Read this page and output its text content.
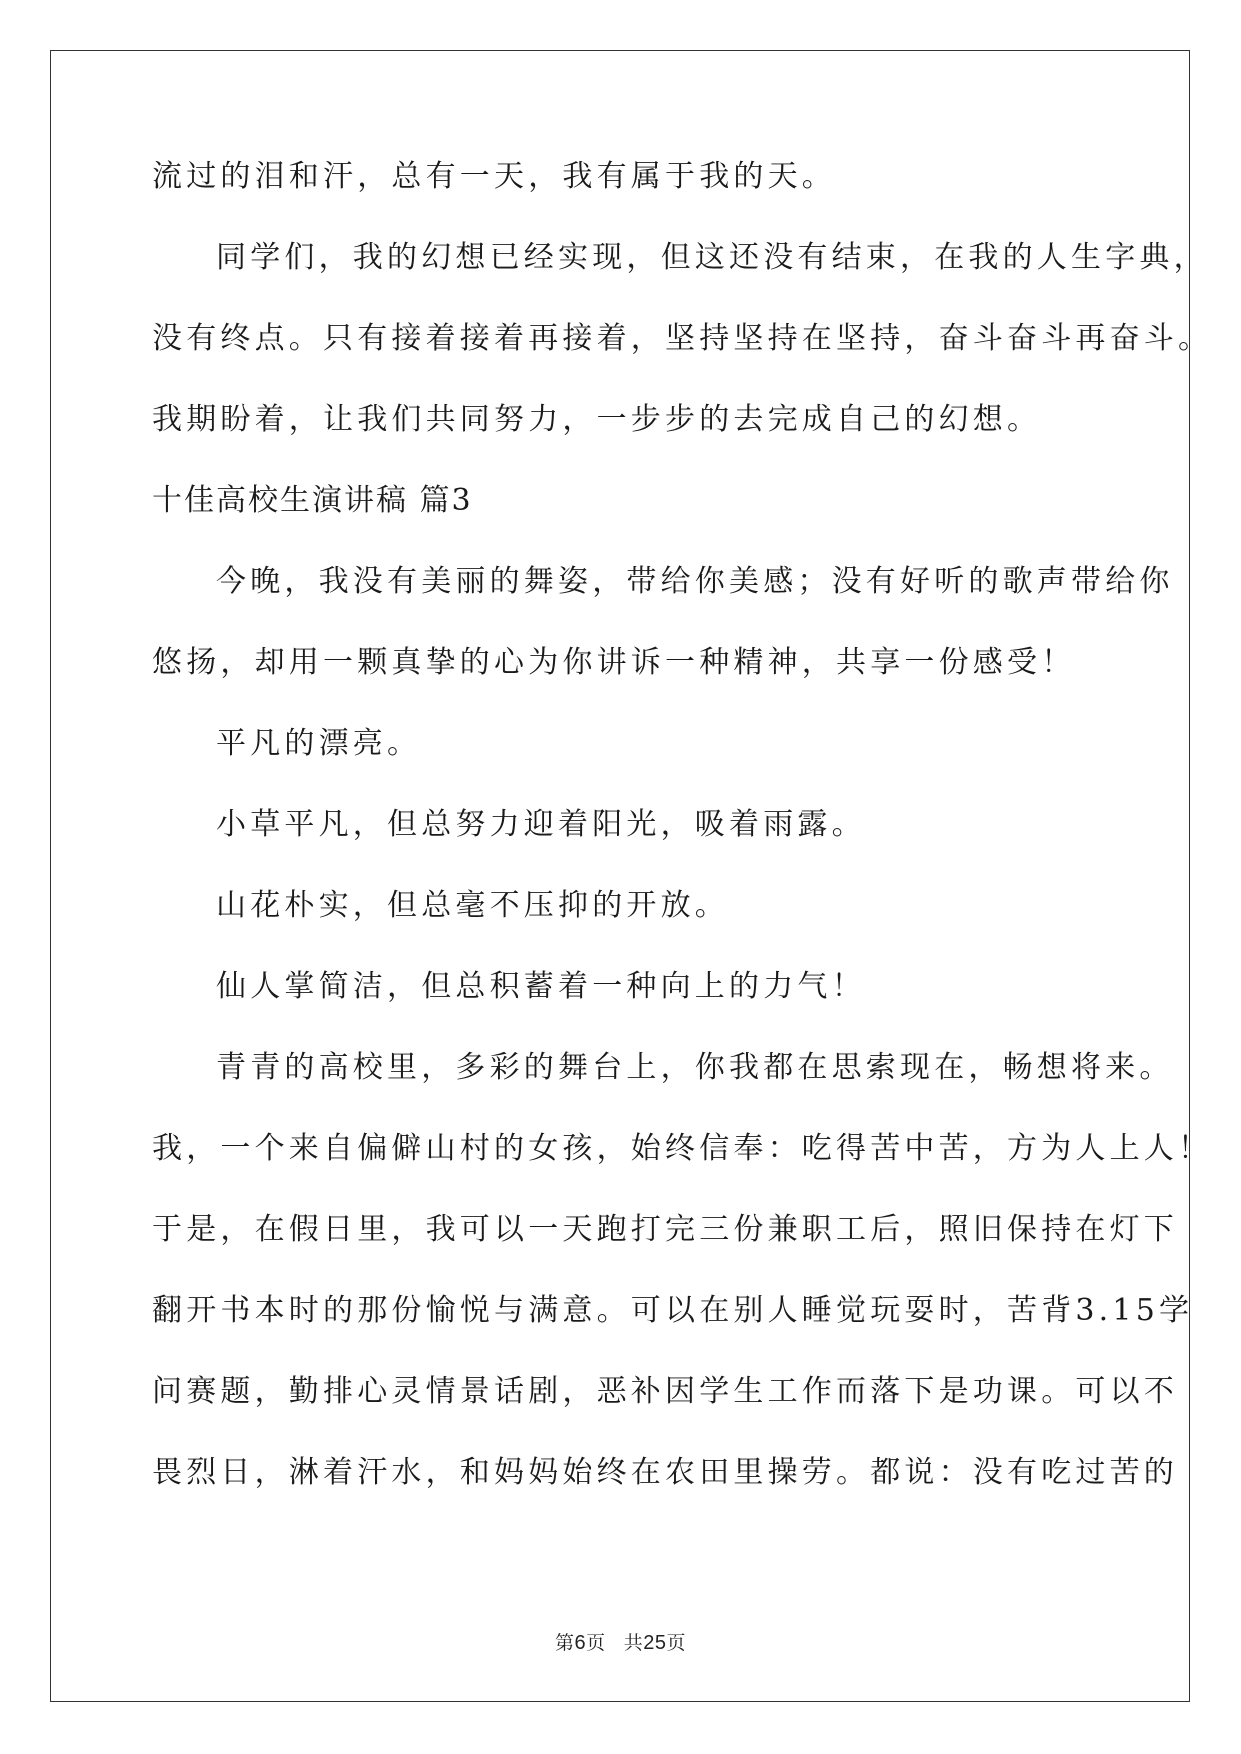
流过的泪和汗，总有一天，我有属于我的天。
同学们，我的幻想已经实现，但这还没有结束，在我的人生字典，
没有终点。只有接着接着再接着，坚持坚持在坚持，奋斗奋斗再奋斗。
我期盼着，让我们共同努力，一步步的去完成自己的幻想。
十佳高校生演讲稿 篇3
今晚，我没有美丽的舞姿，带给你美感；没有好听的歌声带给你
悠扬，却用一颗真挚的心为你讲诉一种精神，共享一份感受！
平凡的漂亮。
小草平凡，但总努力迎着阳光，吸着雨露。
山花朴实，但总毫不压抑的开放。
仙人掌简洁，但总积蓄着一种向上的力气！
青青的高校里，多彩的舞台上，你我都在思索现在，畅想将来。
我，一个来自偏僻山村的女孩，始终信奉：吃得苦中苦，方为人上人！
于是，在假日里，我可以一天跑打完三份兼职工后，照旧保持在灯下
翻开书本时的那份愉悦与满意。可以在别人睡觉玩耍时，苦背3.15学
问赛题，勤排心灵情景话剧，恶补因学生工作而落下是功课。可以不
畏烈日，淋着汗水，和妈妈始终在农田里操劳。都说：没有吃过苦的
第6页 共25页
